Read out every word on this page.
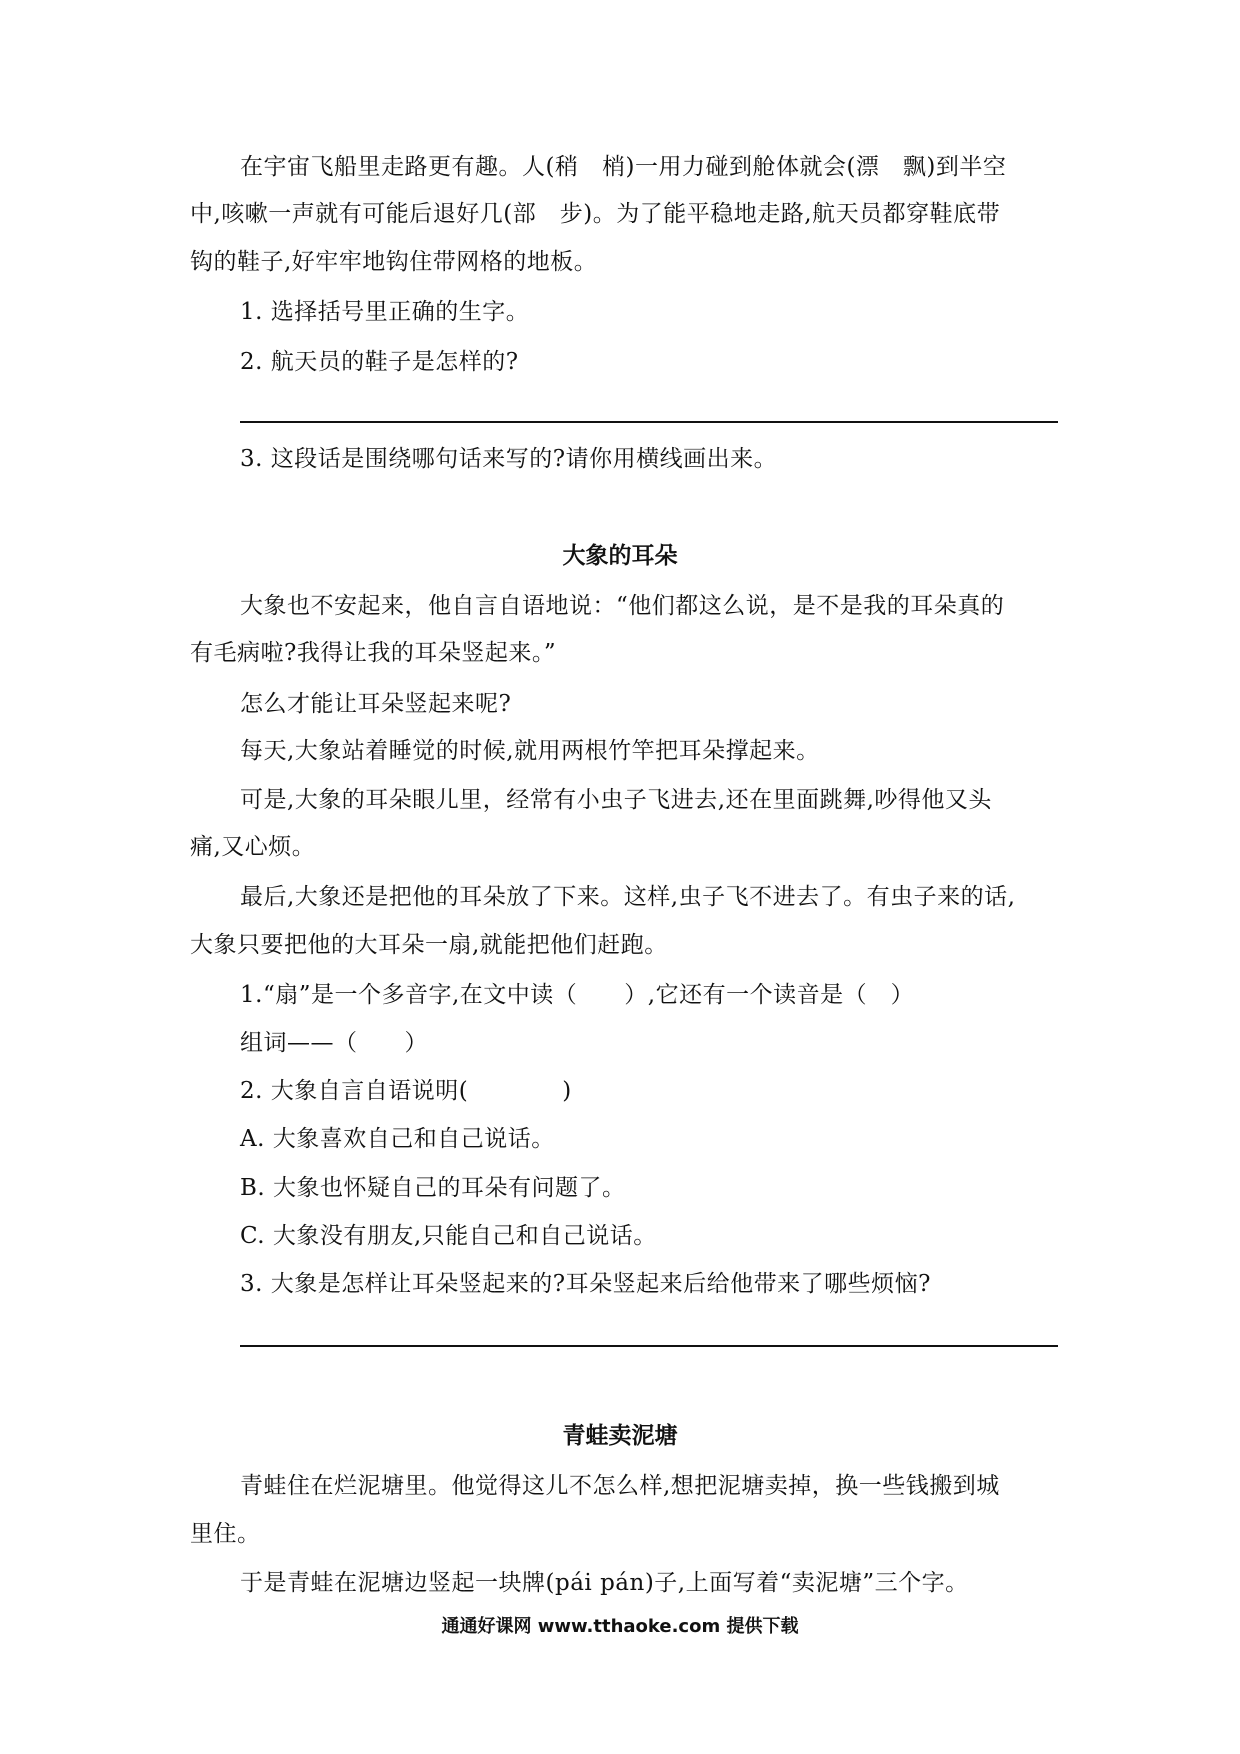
在宇宙飞船里走路更有趣。人(稍　梢)一用力碰到舱体就会(漂　飘)到半空
中,咳嗽一声就有可能后退好几(部　步)。为了能平稳地走路,航天员都穿鞋底带
钩的鞋子,好牢牢地钩住带网格的地板。
1. 选择括号里正确的生字。
2. 航天员的鞋子是怎样的?
3. 这段话是围绕哪句话来写的?请你用横线画出来。
大象的耳朵
大象也不安起来，他自言自语地说：“他们都这么说，是不是我的耳朵真的
有毛病啦?我得让我的耳朵竖起来。”
怎么才能让耳朵竖起来呢?
每天,大象站着睡觉的时候,就用两根竹竿把耳朵撑起来。
可是,大象的耳朵眼儿里，经常有小虫子飞进去,还在里面跳舞,吵得他又头
痛,又心烦。
最后,大象还是把他的耳朵放了下来。这样,虫子飞不进去了。有虫子来的话,
大象只要把他的大耳朵一扇,就能把他们赶跑。
1.“扇”是一个多音字,在文中读（　　）,它还有一个读音是（　）
组词——（　　）
2. 大象自言自语说明(　　　　)
A. 大象喜欢自己和自己说话。
B. 大象也怀疑自己的耳朵有问题了。
C. 大象没有朋友,只能自己和自己说话。
3. 大象是怎样让耳朵竖起来的?耳朵竖起来后给他带来了哪些烦恼?
青蛙卖泥塘
青蛙住在烂泥塘里。他觉得这儿不怎么样,想把泥塘卖掉，换一些钱搬到城
里住。
于是青蛙在泥塘边竖起一块牌(pái pán)子,上面写着“卖泥塘”三个字。
通通好课网 www.tthaoke.com 提供下载
